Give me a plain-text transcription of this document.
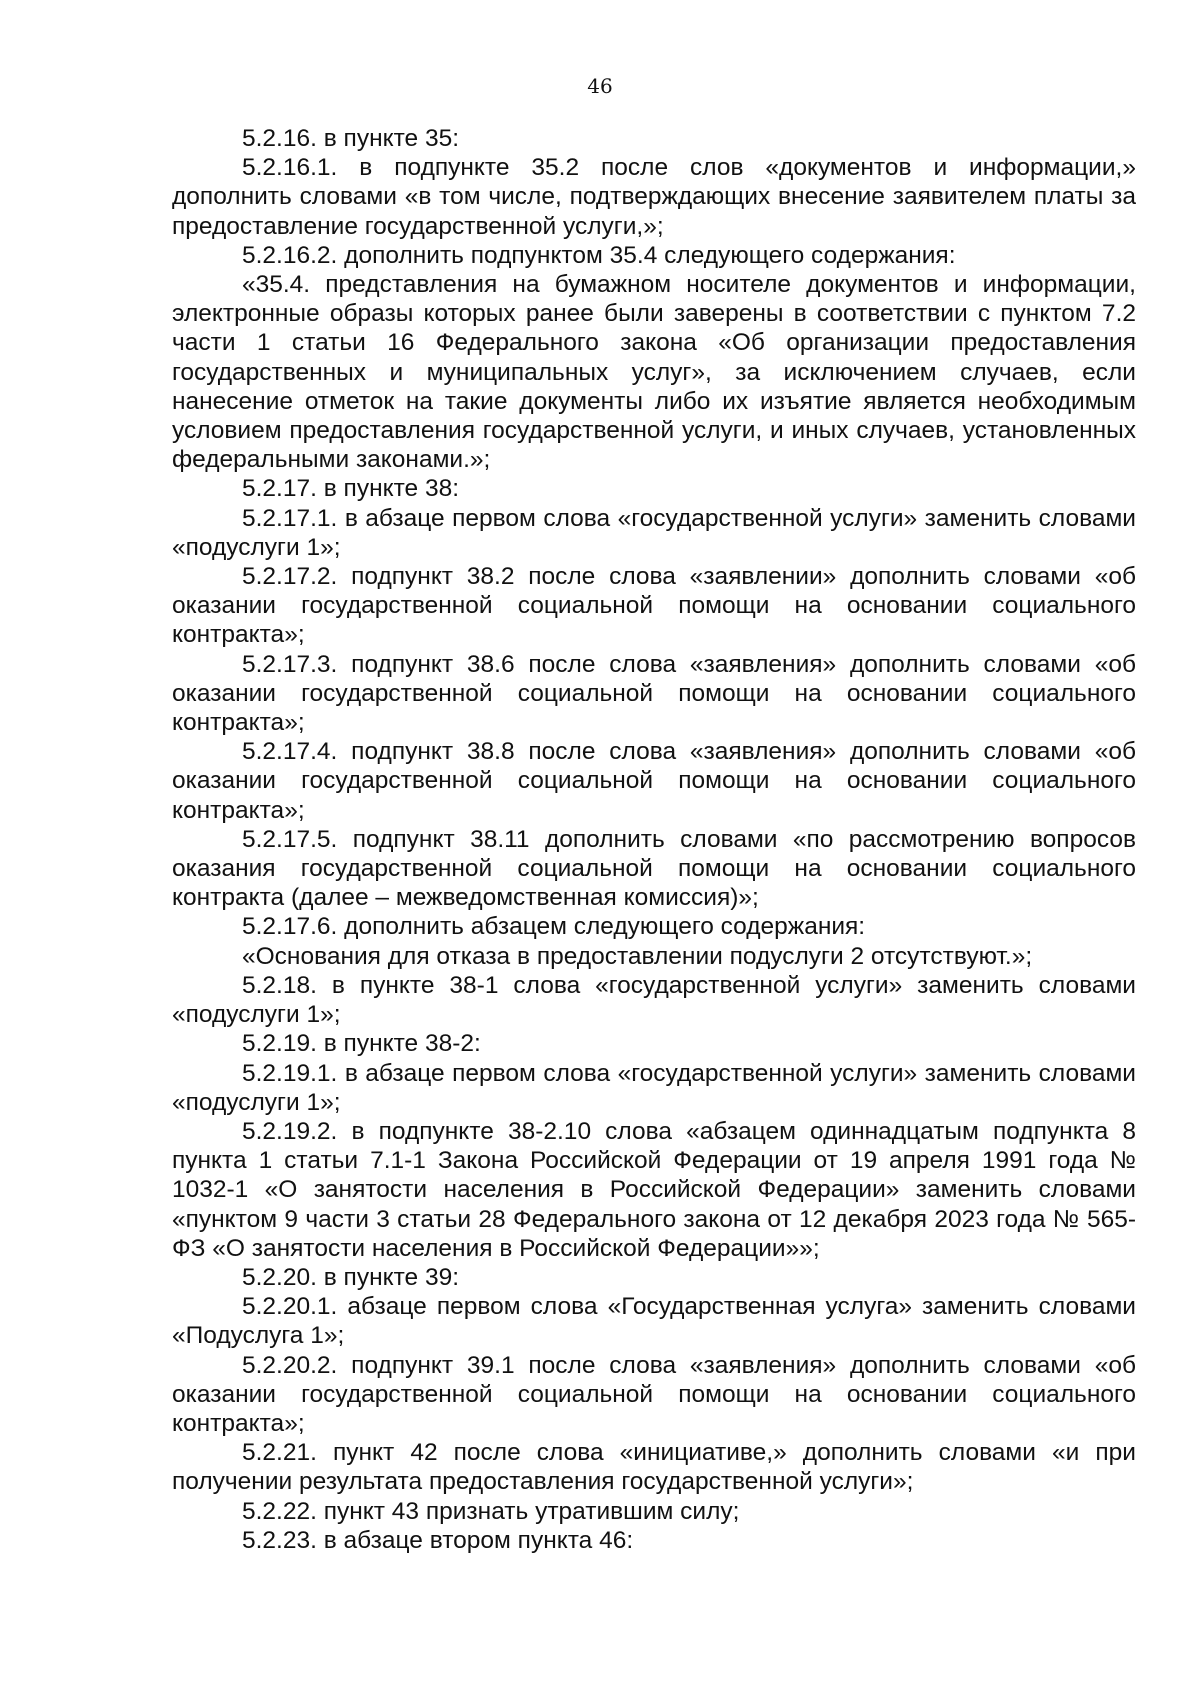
46

5.2.16. в пункте 35:

5.2.16.1. в подпункте 35.2 после слов «документов и информации,» дополнить словами «в том числе, подтверждающих внесение заявителем платы за предоставление государственной услуги,»;

5.2.16.2. дополнить подпунктом 35.4 следующего содержания:

«35.4. представления на бумажном носителе документов и информации, электронные образы которых ранее были заверены в соответствии с пунктом 7.2 части 1 статьи 16 Федерального закона «Об организации предоставления государственных и муниципальных услуг», за исключением случаев, если нанесение отметок на такие документы либо их изъятие является необходимым условием предоставления государственной услуги, и иных случаев, установленных федеральными законами.»;

5.2.17. в пункте 38:

5.2.17.1. в абзаце первом слова «государственной услуги» заменить словами «подуслуги 1»;

5.2.17.2. подпункт 38.2 после слова «заявлении» дополнить словами «об оказании государственной социальной помощи на основании социального контракта»;

5.2.17.3. подпункт 38.6 после слова «заявления» дополнить словами «об оказании государственной социальной помощи на основании социального контракта»;

5.2.17.4. подпункт 38.8 после слова «заявления» дополнить словами «об оказании государственной социальной помощи на основании социального контракта»;

5.2.17.5. подпункт 38.11 дополнить словами «по рассмотрению вопросов оказания государственной социальной помощи на основании социального контракта (далее – межведомственная комиссия)»;

5.2.17.6. дополнить абзацем следующего содержания:

«Основания для отказа в предоставлении подуслуги 2 отсутствуют.»;

5.2.18. в пункте 38-1 слова «государственной услуги» заменить словами «подуслуги 1»;

5.2.19. в пункте 38-2:

5.2.19.1. в абзаце первом слова «государственной услуги» заменить словами «подуслуги 1»;

5.2.19.2. в подпункте 38-2.10 слова «абзацем одиннадцатым подпункта 8 пункта 1 статьи 7.1-1 Закона Российской Федерации от 19 апреля 1991 года № 1032-1 «О занятости населения в Российской Федерации» заменить словами «пунктом 9 части 3 статьи 28 Федерального закона от 12 декабря 2023 года № 565-ФЗ «О занятости населения в Российской Федерации»»;

5.2.20. в пункте 39:

5.2.20.1. абзаце первом слова «Государственная услуга» заменить словами «Подуслуга 1»;

5.2.20.2. подпункт 39.1 после слова «заявления» дополнить словами «об оказании государственной социальной помощи на основании социального контракта»;

5.2.21. пункт 42 после слова «инициативе,» дополнить словами «и при получении результата предоставления государственной услуги»;

5.2.22. пункт 43 признать утратившим силу;

5.2.23. в абзаце втором пункта 46:
